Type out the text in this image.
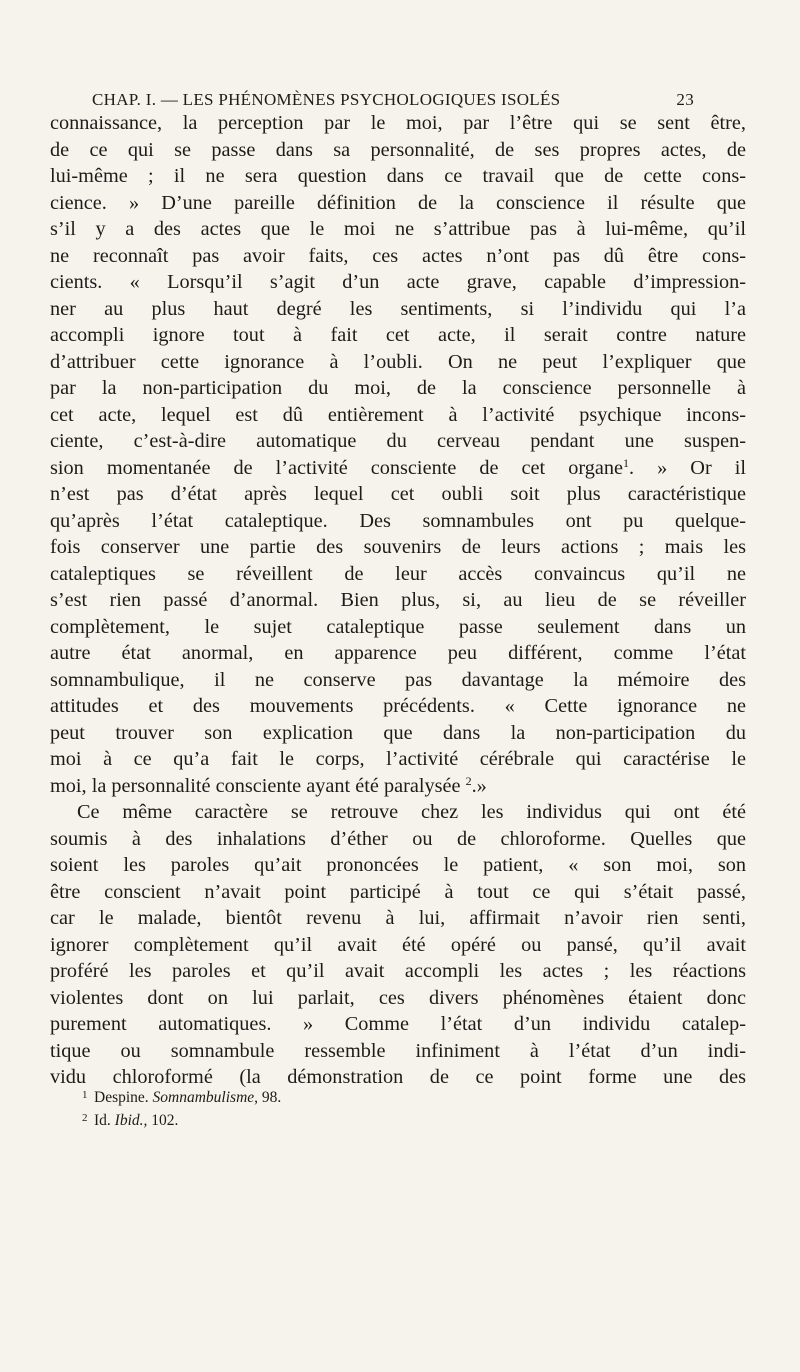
CHAP. I. — LES PHÉNOMÈNES PSYCHOLOGIQUES ISOLÉS	23
connaissance, la perception par le moi, par l’être qui se sent être,
de ce qui se passe dans sa personnalité, de ses propres actes, de
lui-même ; il ne sera question dans ce travail que de cette cons-
cience. » D’une pareille définition de la conscience il résulte que
s’il y a des actes que le moi ne s’attribue pas à lui-même, qu’il
ne reconnaît pas avoir faits, ces actes n’ont pas dû être cons-
cients. « Lorsqu’il s’agit d’un acte grave, capable d’impression-
ner au plus haut degré les sentiments, si l’individu qui l’a
accompli ignore tout à fait cet acte, il serait contre nature
d’attribuer cette ignorance à l’oubli. On ne peut l’expliquer que
par la non-participation du moi, de la conscience personnelle à
cet acte, lequel est dû entièrement à l’activité psychique incons-
ciente, c’est-à-dire automatique du cerveau pendant une suspen-
sion momentanée de l’activité consciente de cet organe$^1$. » Or il
n’est pas d’état après lequel cet oubli soit plus caractéristique
qu’après l’état cataleptique. Des somnambules ont pu quelque-
fois conserver une partie des souvenirs de leurs actions ; mais les
cataleptiques se réveillent de leur accès convaincus qu’il ne
s’est rien passé d’anormal. Bien plus, si, au lieu de se réveiller
complètement, le sujet cataleptique passe seulement dans un
autre état anormal, en apparence peu différent, comme l’état
somnambulique, il ne conserve pas davantage la mémoire des
attitudes et des mouvements précédents. « Cette ignorance ne
peut trouver son explication que dans la non-participation du
moi à ce qu’a fait le corps, l’activité cérébrale qui caractérise le
moi, la personnalité consciente ayant été paralysée $^2$.»
Ce même caractère se retrouve chez les individus qui ont été
soumis à des inhalations d’éther ou de chloroforme. Quelles que
soient les paroles qu’ait prononcées le patient, « son moi, son
être conscient n’avait point participé à tout ce qui s’était passé,
car le malade, bientôt revenu à lui, affirmait n’avoir rien senti,
ignorer complètement qu’il avait été opéré ou pansé, qu’il avait
proféré les paroles et qu’il avait accompli les actes ; les réactions
violentes dont on lui parlait, ces divers phénomènes étaient donc
purement automatiques. » Comme l’état d’un individu catalep-
tique ou somnambule ressemble infiniment à l’état d’un indi-
vidu chloroformé (la démonstration de ce point forme une des
1 Despine. Somnambulisme, 98.
2 Id. Ibid., 102.
